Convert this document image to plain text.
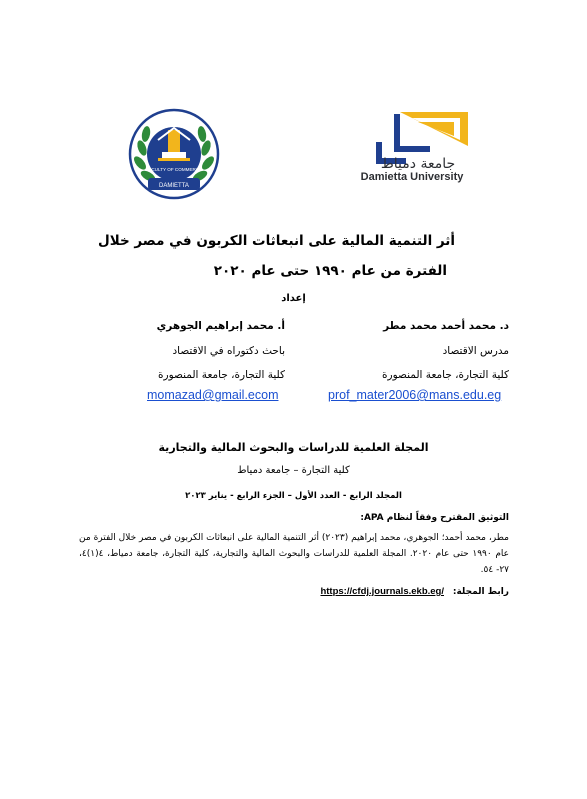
DAMIETTA
FACULTY OF COMMERCE	جامعة دمياط
Damietta University
أثر التنمية المالية على انبعاثات الكربون في مصر خلال
الفترة من عام ١٩٩٠ حتى عام ٢٠٢٠
إعداد
د. محمد أحمد محمد مطر
مدرس الاقتصاد
كلية التجارة، جامعة المنصورة
prof_mater2006@mans.edu.eg
أ. محمد إبراهيم الجوهري
باحث دكتوراه في الاقتصاد
كلية التجارة، جامعة المنصورة
momazad@gmail.ecom
المجلة العلمية للدراسات والبحوث المالية والتجارية
كلية التجارة – جامعة دمياط
المجلد الرابع - العدد الأول – الجزء الرابع - يناير ٢٠٢٣
التوثيق المقترح وفقاً لنظام APA:
مطر، محمد أحمد؛ الجوهري، محمد إبراهيم (٢٠٢٣) أثر التنمية المالية على انبعاثات الكربون في مصر خلال الفترة من عام ١٩٩٠ حتى عام ٢٠٢٠. المجلة العلمية للدراسات والبحوث المالية والتجارية، كلية التجارة، جامعة دمياط، ٤(١)٤، ٢٧- ٥٤.
رابط المجلة: https://cfdj.journals.ekb.eg/
